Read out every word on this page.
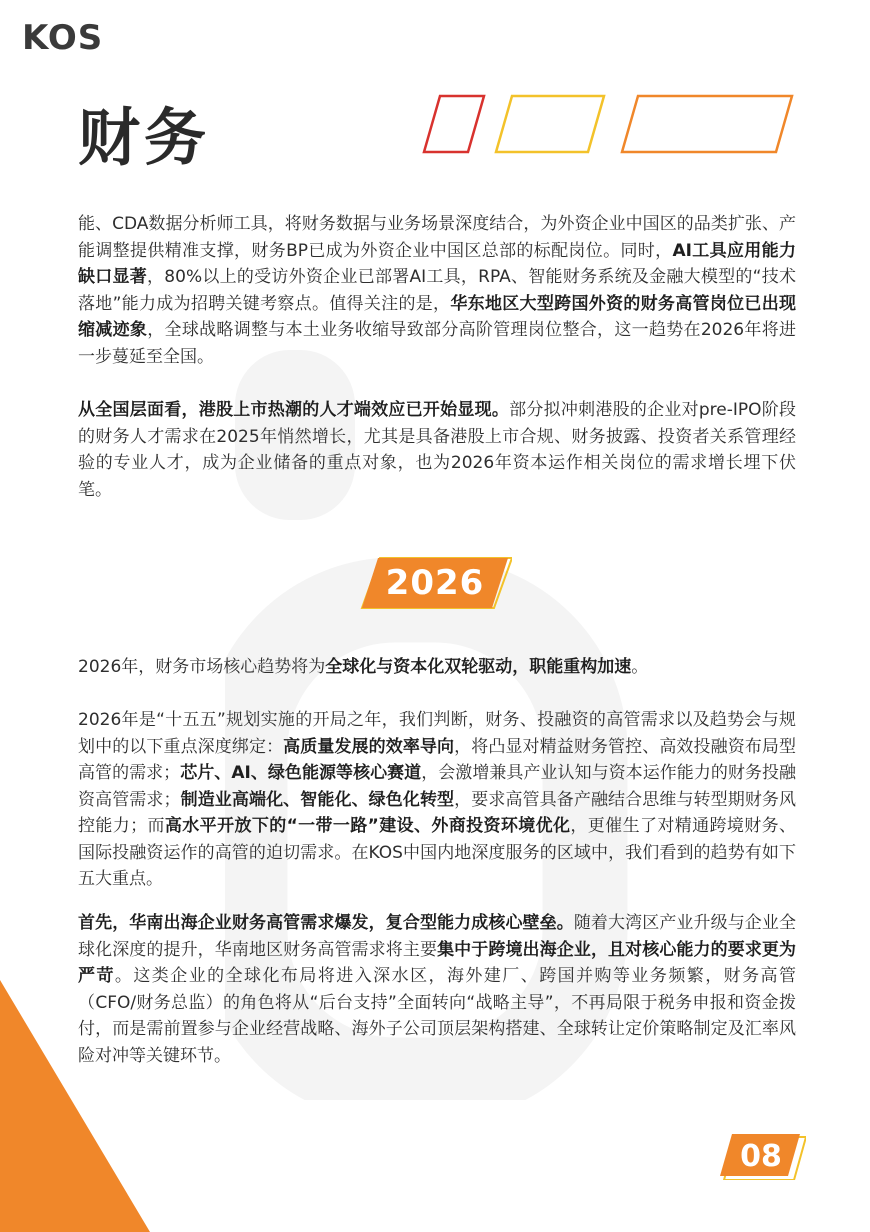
KOS
财务
能、CDA数据分析师工具，将财务数据与业务场景深度结合，为外资企业中国区的品类扩张、产能调整提供精准支撑，财务BP已成为外资企业中国区总部的标配岗位。同时，AI工具应用能力缺口显著，80%以上的受访外资企业已部署AI工具，RPA、智能财务系统及金融大模型的“技术落地”能力成为招聘关键考察点。值得关注的是，华东地区大型跨国外资的财务高管岗位已出现缩减迹象，全球战略调整与本土业务收缩导致部分高阶管理岗位整合，这一趋势在2026年将进一步蔓延至全国。
从全国层面看，港股上市热潮的人才端效应已开始显现。部分拟冲刺港股的企业对pre-IPO阶段的财务人才需求在2025年悄然增长，尤其是具备港股上市合规、财务披露、投资者关系管理经验的专业人才，成为企业储备的重点对象，也为2026年资本运作相关岗位的需求增长埋下伏笔。
2026
2026年，财务市场核心趋势将为全球化与资本化双轮驱动，职能重构加速。
2026年是“十五五”规划实施的开局之年，我们判断，财务、投融资的高管需求以及趋势会与规划中的以下重点深度绑定：高质量发展的效率导向，将凸显对精益财务管控、高效投融资布局型高管的需求；芯片、AI、绿色能源等核心赛道，会激增兼具产业认知与资本运作能力的财务投融资高管需求；制造业高端化、智能化、绿色化转型，要求高管具备产融结合思维与转型期财务风控能力；而高水平开放下的“一带一路”建设、外商投资环境优化，更催生了对精通跨境财务、国际投融资运作的高管的迫切需求。在KOS中国内地深度服务的区域中，我们看到的趋势有如下五大重点。
首先，华南出海企业财务高管需求爆发，复合型能力成核心壁垒。随着大湾区产业升级与企业全球化深度的提升，华南地区财务高管需求将主要集中于跨境出海企业，且对核心能力的要求更为严苛。这类企业的全球化布局将进入深水区，海外建厂、跨国并购等业务频繁，财务高管（CFO/财务总监）的角色将从“后台支持”全面转向“战略主导”，不再局限于税务申报和资金拨付，而是需前置参与企业经营战略、海外子公司顶层架构搭建、全球转让定价策略制定及汇率风险对冲等关键环节。
08
